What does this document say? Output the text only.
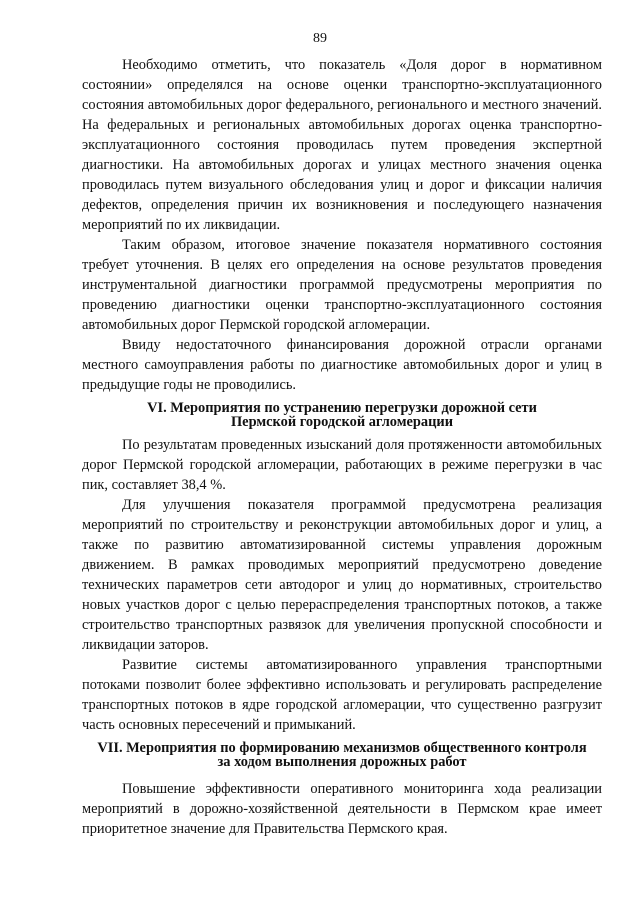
89

Необходимо отметить, что показатель «Доля дорог в нормативном состоянии» определялся на основе оценки транспортно-эксплуатационного состояния автомобильных дорог федерального, регионального и местного значений. На федеральных и региональных автомобильных дорогах оценка транспортно-эксплуатационного состояния проводилась путем проведения экспертной диагностики. На автомобильных дорогах и улицах местного значения оценка проводилась путем визуального обследования улиц и дорог и фиксации наличия дефектов, определения причин их возникновения и последующего назначения мероприятий по их ликвидации.

Таким образом, итоговое значение показателя нормативного состояния требует уточнения. В целях его определения на основе результатов проведения инструментальной диагностики программой предусмотрены мероприятия по проведению диагностики оценки транспортно-эксплуатационного состояния автомобильных дорог Пермской городской агломерации.

Ввиду недостаточного финансирования дорожной отрасли органами местного самоуправления работы по диагностике автомобильных дорог и улиц в предыдущие годы не проводились.

VI. Мероприятия по устранению перегрузки дорожной сети
Пермской городской агломерации

По результатам проведенных изысканий доля протяженности автомобильных дорог Пермской городской агломерации, работающих в режиме перегрузки в час пик, составляет 38,4 %.

Для улучшения показателя программой предусмотрена реализация мероприятий по строительству и реконструкции автомобильных дорог и улиц, а также по развитию автоматизированной системы управления дорожным движением. В рамках проводимых мероприятий предусмотрено доведение технических параметров сети автодорог и улиц до нормативных, строительство новых участков дорог с целью перераспределения транспортных потоков, а также строительство транспортных развязок для увеличения пропускной способности и ликвидации заторов.

Развитие системы автоматизированного управления транспортными потоками позволит более эффективно использовать и регулировать распределение транспортных потоков в ядре городской агломерации, что существенно разгрузит часть основных пересечений и примыканий.

VII. Мероприятия по формированию механизмов общественного контроля
за ходом выполнения дорожных работ

Повышение эффективности оперативного мониторинга хода реализации мероприятий в дорожно-хозяйственной деятельности в Пермском крае имеет приоритетное значение для Правительства Пермского края.
